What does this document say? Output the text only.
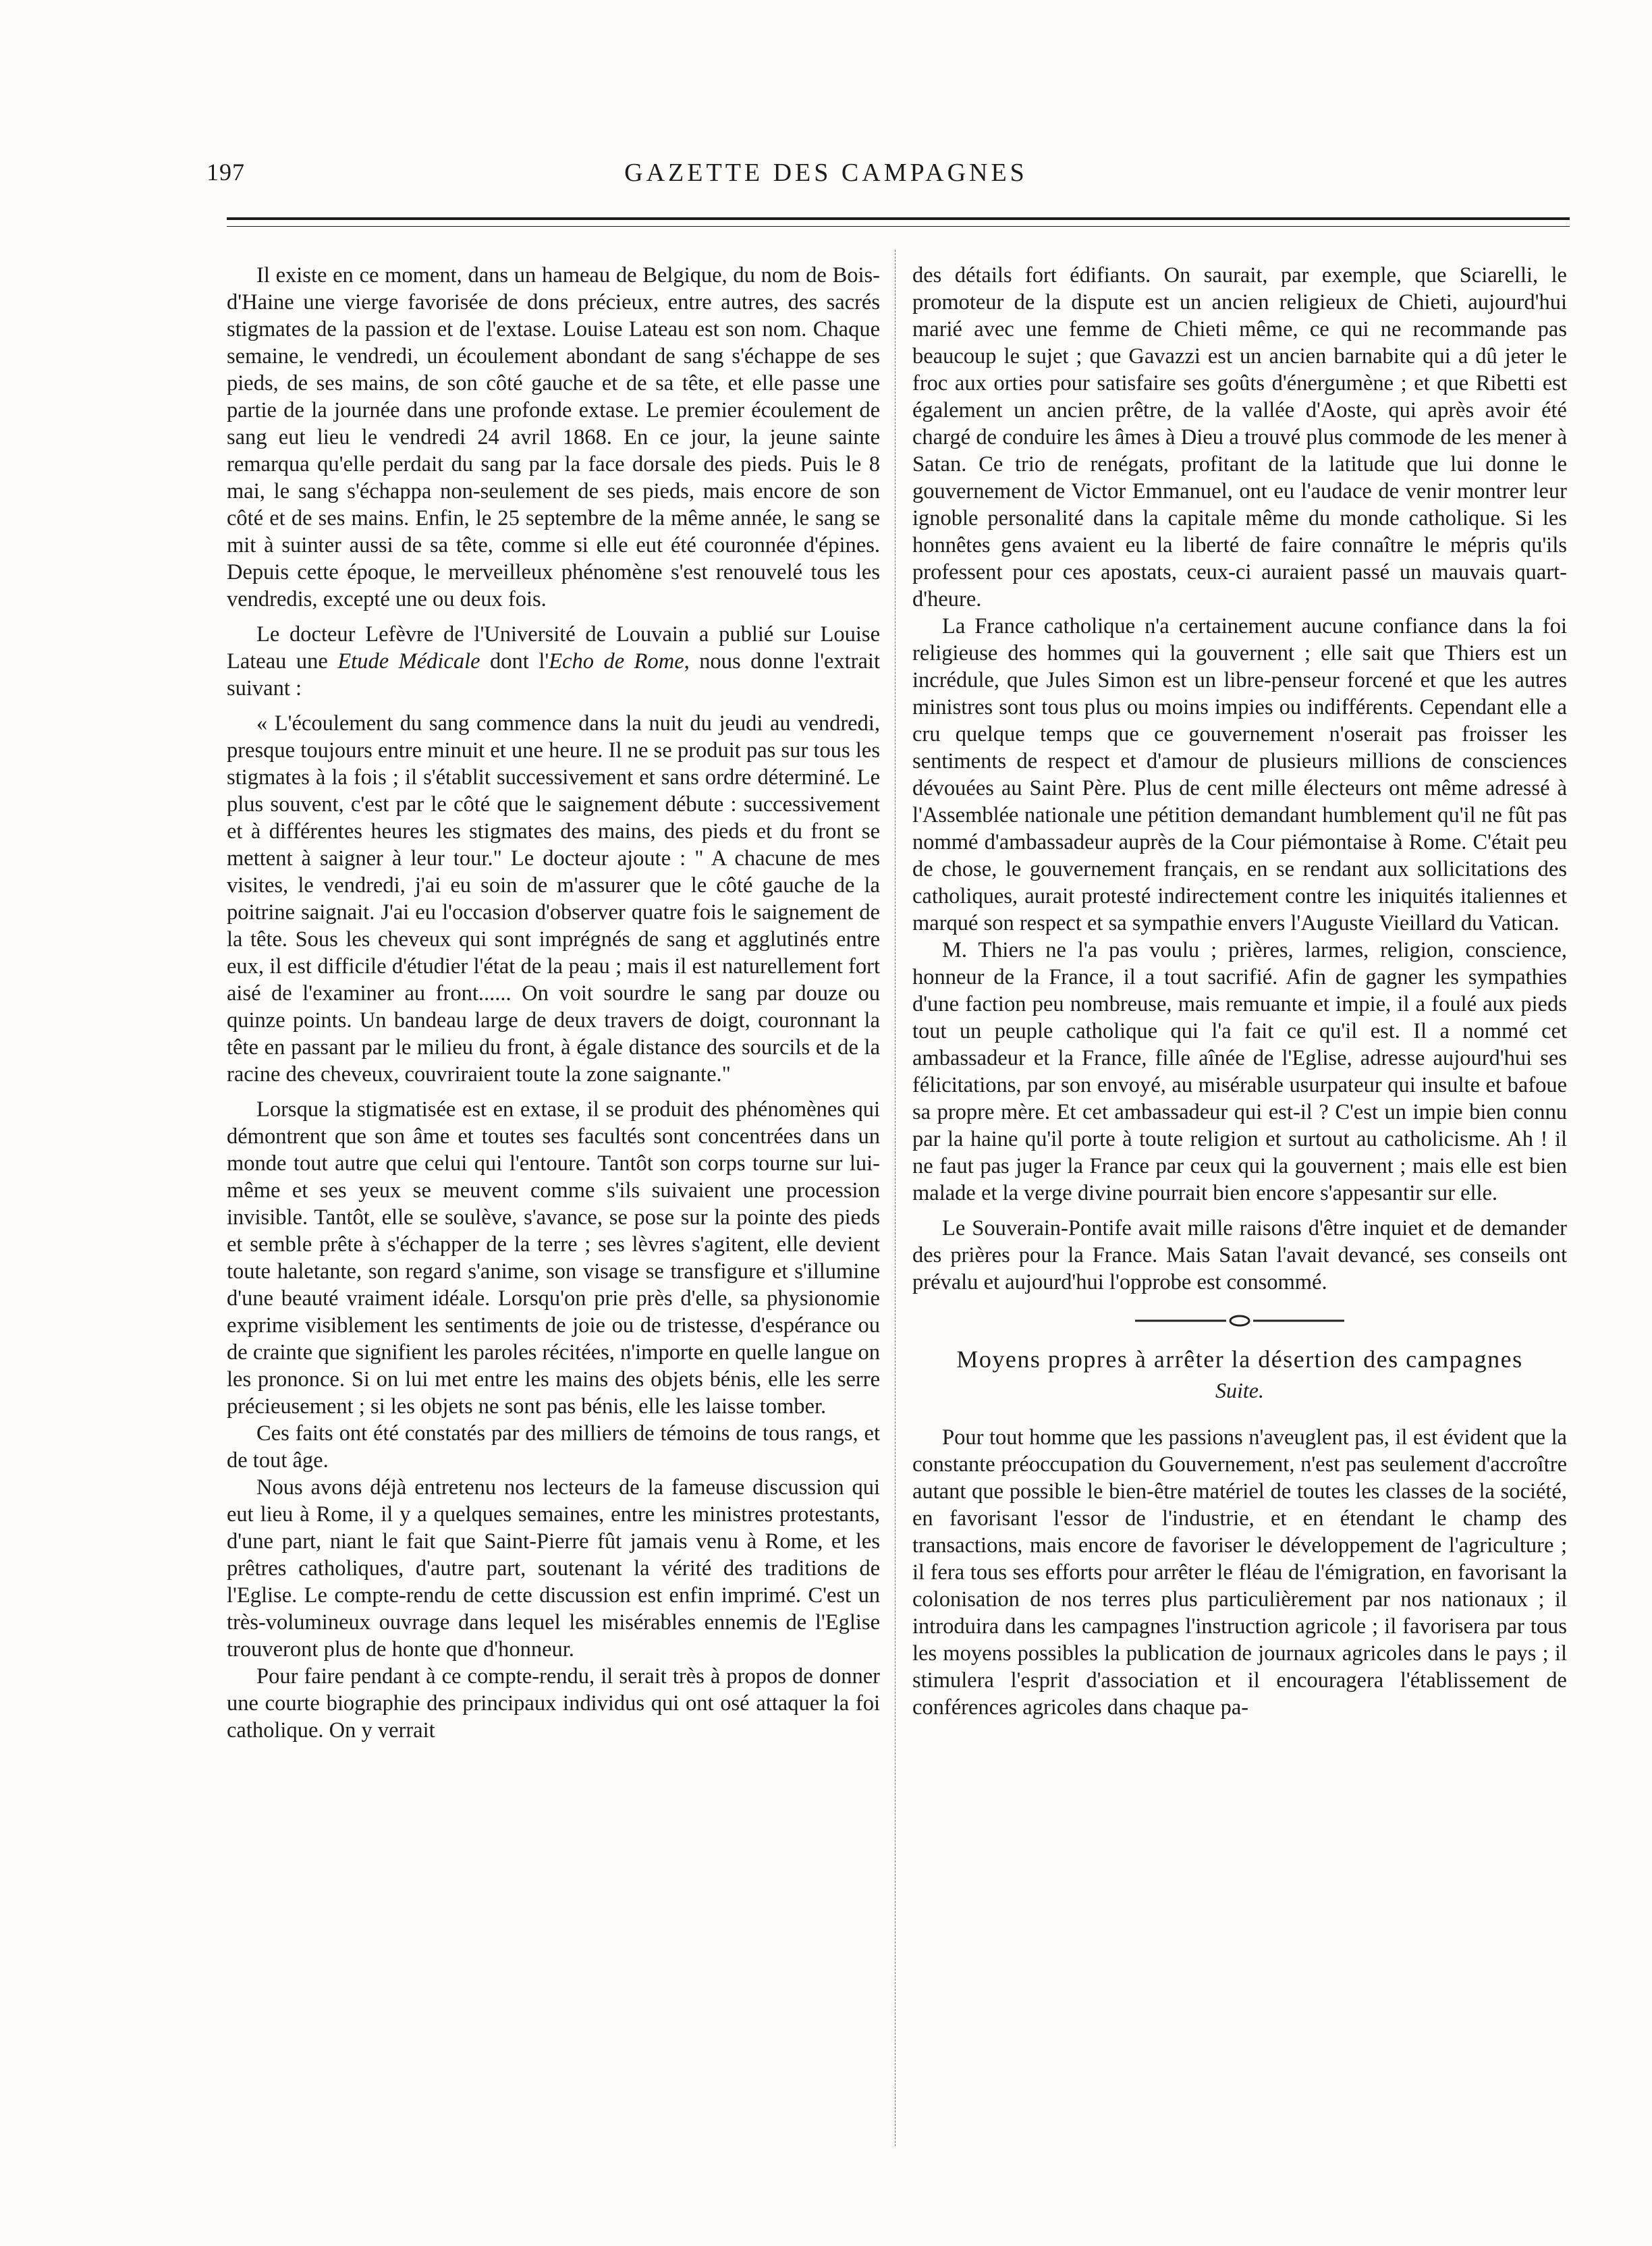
197	GAZETTE DES CAMPAGNES

Il existe en ce moment, dans un hameau de Belgique, du nom de Bois-d'Haine une vierge favorisée de dons précieux, entre autres, des sacrés stigmates de la passion et de l'extase. Louise Lateau est son nom. Chaque semaine, le vendredi, un écoulement abondant de sang s'échappe de ses pieds, de ses mains, de son côté gauche et de sa tête, et elle passe une partie de la journée dans une profonde extase. Le premier écoulement de sang eut lieu le vendredi 24 avril 1868. En ce jour, la jeune sainte remarqua qu'elle perdait du sang par la face dorsale des pieds. Puis le 8 mai, le sang s'échappa non-seulement de ses pieds, mais encore de son côté et de ses mains. Enfin, le 25 septembre de la même année, le sang se mit à suinter aussi de sa tête, comme si elle eut été couronnée d'épines. Depuis cette époque, le merveilleux phénomène s'est renouvelé tous les vendredis, excepté une ou deux fois.

Le docteur Lefèvre de l'Université de Louvain a publié sur Louise Lateau une Etude Médicale dont l'Echo de Rome, nous donne l'extrait suivant :

« L'écoulement du sang commence dans la nuit du jeudi au vendredi, presque toujours entre minuit et une heure. Il ne se produit pas sur tous les stigmates à la fois ; il s'établit successivement et sans ordre déterminé. Le plus souvent, c'est par le côté que le saignement débute : successivement et à différentes heures les stigmates des mains, des pieds et du front se mettent à saigner à leur tour." Le docteur ajoute : " A chacune de mes visites, le vendredi, j'ai eu soin de m'assurer que le côté gauche de la poitrine saignait. J'ai eu l'occasion d'observer quatre fois le saignement de la tête. Sous les cheveux qui sont imprégnés de sang et agglutinés entre eux, il est difficile d'étudier l'état de la peau ; mais il est naturellement fort aisé de l'examiner au front...... On voit sourdre le sang par douze ou quinze points. Un bandeau large de deux travers de doigt, couronnant la tête en passant par le milieu du front, à égale distance des sourcils et de la racine des cheveux, couvriraient toute la zone saignante."

Lorsque la stigmatisée est en extase, il se produit des phénomènes qui démontrent que son âme et toutes ses facultés sont concentrées dans un monde tout autre que celui qui l'entoure. Tantôt son corps tourne sur lui-même et ses yeux se meuvent comme s'ils suivaient une procession invisible. Tantôt, elle se soulève, s'avance, se pose sur la pointe des pieds et semble prête à s'échapper de la terre ; ses lèvres s'agitent, elle devient toute haletante, son regard s'anime, son visage se transfigure et s'illumine d'une beauté vraiment idéale. Lorsqu'on prie près d'elle, sa physionomie exprime visiblement les sentiments de joie ou de tristesse, d'espérance ou de crainte que signifient les paroles récitées, n'importe en quelle langue on les prononce. Si on lui met entre les mains des objets bénis, elle les serre précieusement ; si les objets ne sont pas bénis, elle les laisse tomber.

Ces faits ont été constatés par des milliers de témoins de tous rangs, et de tout âge.

Nous avons déjà entretenu nos lecteurs de la fameuse discussion qui eut lieu à Rome, il y a quelques semaines, entre les ministres protestants, d'une part, niant le fait que Saint-Pierre fût jamais venu à Rome, et les prêtres catholiques, d'autre part, soutenant la vérité des traditions de l'Eglise. Le compte-rendu de cette discussion est enfin imprimé. C'est un très-volumineux ouvrage dans lequel les misérables ennemis de l'Eglise trouveront plus de honte que d'honneur.

Pour faire pendant à ce compte-rendu, il serait très à propos de donner une courte biographie des principaux individus qui ont osé attaquer la foi catholique. On y verrait

des détails fort édifiants. On saurait, par exemple, que Sciarelli, le promoteur de la dispute est un ancien religieux de Chieti, aujourd'hui marié avec une femme de Chieti même, ce qui ne recommande pas beaucoup le sujet ; que Gavazzi est un ancien barnabite qui a dû jeter le froc aux orties pour satisfaire ses goûts d'énergumène ; et que Ribetti est également un ancien prêtre, de la vallée d'Aoste, qui après avoir été chargé de conduire les âmes à Dieu a trouvé plus commode de les mener à Satan. Ce trio de renégats, profitant de la latitude que lui donne le gouvernement de Victor Emmanuel, ont eu l'audace de venir montrer leur ignoble personalité dans la capitale même du monde catholique. Si les honnêtes gens avaient eu la liberté de faire connaître le mépris qu'ils professent pour ces apostats, ceux-ci auraient passé un mauvais quart-d'heure.

La France catholique n'a certainement aucune confiance dans la foi religieuse des hommes qui la gouvernent ; elle sait que Thiers est un incrédule, que Jules Simon est un libre-penseur forcené et que les autres ministres sont tous plus ou moins impies ou indifférents. Cependant elle a cru quelque temps que ce gouvernement n'oserait pas froisser les sentiments de respect et d'amour de plusieurs millions de consciences dévouées au Saint Père. Plus de cent mille électeurs ont même adressé à l'Assemblée nationale une pétition demandant humblement qu'il ne fût pas nommé d'ambassadeur auprès de la Cour piémontaise à Rome. C'était peu de chose, le gouvernement français, en se rendant aux sollicitations des catholiques, aurait protesté indirectement contre les iniquités italiennes et marqué son respect et sa sympathie envers l'Auguste Vieillard du Vatican.

M. Thiers ne l'a pas voulu ; prières, larmes, religion, conscience, honneur de la France, il a tout sacrifié. Afin de gagner les sympathies d'une faction peu nombreuse, mais remuante et impie, il a foulé aux pieds tout un peuple catholique qui l'a fait ce qu'il est. Il a nommé cet ambassadeur et la France, fille aînée de l'Eglise, adresse aujourd'hui ses félicitations, par son envoyé, au misérable usurpateur qui insulte et bafoue sa propre mère. Et cet ambassadeur qui est-il ? C'est un impie bien connu par la haine qu'il porte à toute religion et surtout au catholicisme. Ah ! il ne faut pas juger la France par ceux qui la gouvernent ; mais elle est bien malade et la verge divine pourrait bien encore s'appesantir sur elle.

Le Souverain-Pontife avait mille raisons d'être inquiet et de demander des prières pour la France. Mais Satan l'avait devancé, ses conseils ont prévalu et aujourd'hui l'opprobe est consommé.

Moyens propres à arrêter la désertion des campagnes
Suite.

Pour tout homme que les passions n'aveuglent pas, il est évident que la constante préoccupation du Gouvernement, n'est pas seulement d'accroître autant que possible le bien-être matériel de toutes les classes de la société, en favorisant l'essor de l'industrie, et en étendant le champ des transactions, mais encore de favoriser le développement de l'agriculture ; il fera tous ses efforts pour arrêter le fléau de l'émigration, en favorisant la colonisation de nos terres plus particulièrement par nos nationaux ; il introduira dans les campagnes l'instruction agricole ; il favorisera par tous les moyens possibles la publication de journaux agricoles dans le pays ; il stimulera l'esprit d'association et il encouragera l'établissement de conférences agricoles dans chaque pa-
